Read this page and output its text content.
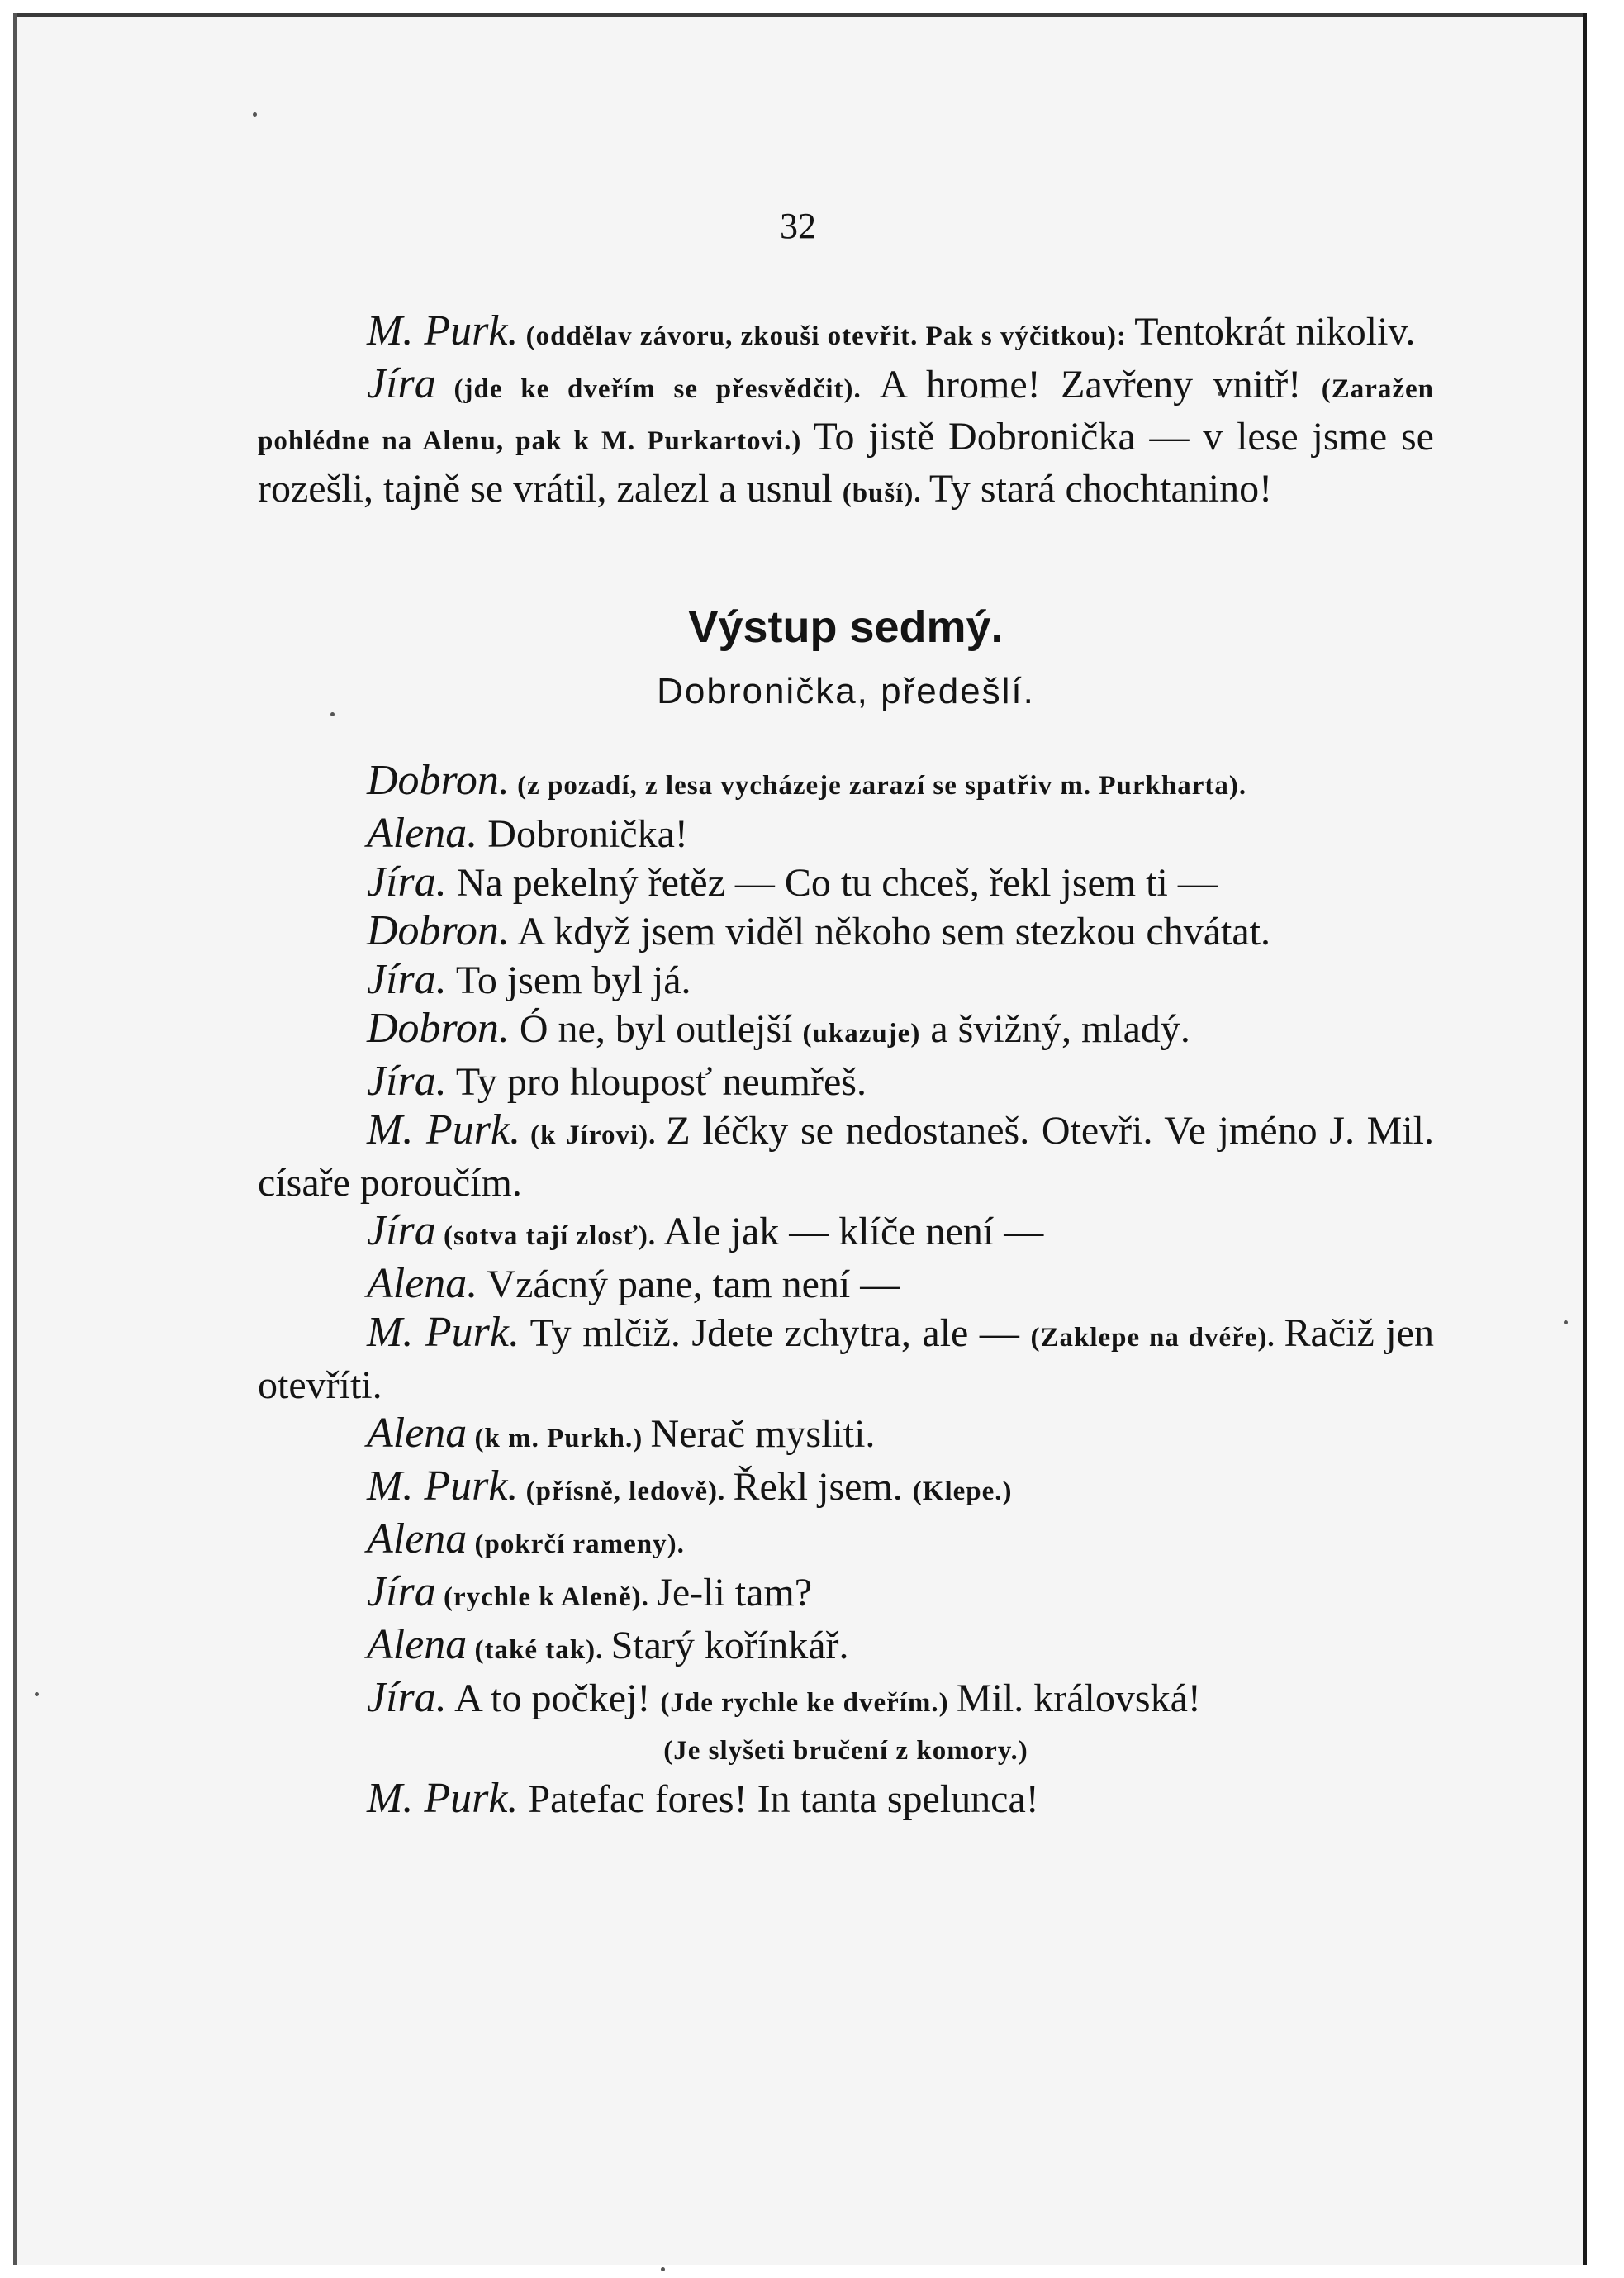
32

M. Purk. (oddělav závoru, zkouši otevřit. Pak s výčitkou): Tentokrát nikoliv.

Jíra (jde ke dveřím se přesvědčit). A hrome! Zavřeny vnitř! (Zaražen pohlédne na Alenu, pak k M. Purkartovi.) To jistě Dobronička — v lese jsme se rozešli, tajně se vrátil, zalezl a usnul (buší). Ty stará chochtanino!

Výstup sedmý.
Dobronička, předešlí.

Dobron. (z pozadí, z lesa vycházeje zarazí se spatřiv m. Purkharta).

Alena. Dobronička!

Jíra. Na pekelný řetěz — Co tu chceš, řekl jsem ti —

Dobron. A když jsem viděl někoho sem stezkou chvátat.

Jíra. To jsem byl já.

Dobron. Ó ne, byl outlejší (ukazuje) a švižný, mladý.

Jíra. Ty pro hlouposť neumřeš.

M. Purk. (k Jírovi). Z léčky se nedostaneš. Otevři. Ve jméno J. Mil. císaře poroučím.

Jíra (sotva tají zlosť). Ale jak — klíče není —

Alena. Vzácný pane, tam není —

M. Purk. Ty mlčiž. Jdete zchytra, ale — (Zaklepe na dvéře). Račiž jen otevříti.

Alena (k m. Purkh.) Nerač mysliti.

M. Purk. (přísně, ledově). Řekl jsem. (Klepe.)

Alena (pokrčí rameny).

Jíra (rychle k Aleně). Je-li tam?

Alena (také tak). Starý kořínkář.

Jíra. A to počkej! (Jde rychle ke dveřím.) Mil. královská!

(Je slyšeti bručení z komory.)

M. Purk. Patefac fores! In tanta spelunca!
